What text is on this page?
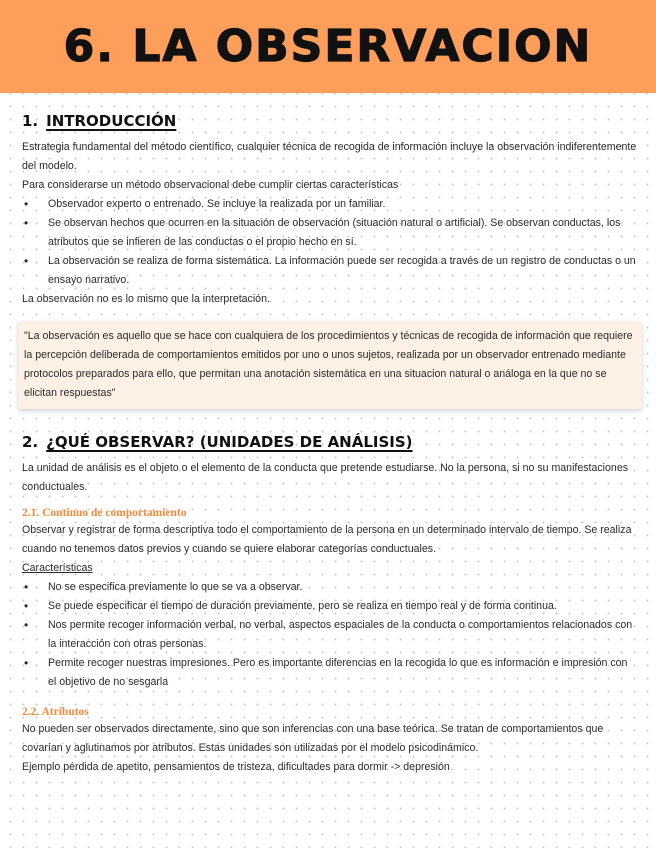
6. LA OBSERVACION
1. INTRODUCCIÓN

Estrategia fundamental del método científico, cualquier técnica de recogida de información incluye la observación indiferentemente del modelo.

Para considerarse un método observacional debe cumplir ciertas características

• Observador experto o entrenado. Se incluye la realizada por un familiar.
• Se observan hechos que ocurren en la situación de observación (situación natural o artificial). Se observan conductas, los atributos que se infieren de las conductas o el propio hecho en sí.
• La observación se realiza de forma sistemática. La información puede ser recogida a través de un registro de conductas o un ensayo narrativo.

La observación no es lo mismo que la interpretación.

"La observación es aquello que se hace con cualquiera de los procedimientos y técnicas de recogida de información que requiere la percepción deliberada de comportamientos emitidos por uno o unos sujetos, realizada por un observador entrenado mediante protocolos preparados para ello, que permitan una anotación sistemática en una situacion natural o análoga en la que no se elicitan respuestas"

2. ¿QUÉ OBSERVAR? (UNIDADES DE ANÁLISIS)

La unidad de análisis es el objeto o el elemento de la conducta que pretende estudiarse. No la persona, si no su manifestaciones conductuales.

2.1. Continuo de comportamiento

Observar y registrar de forma descriptiva todo el comportamiento de la persona en un determinado intervalo de tiempo. Se realiza cuando no tenemos datos previos y cuando se quiere elaborar categorías conductuales.

Características

• No se especifica previamente lo que se va a observar.
• Se puede especificar el tiempo de duración previamente, pero se realiza en tiempo real y de forma continua.
• Nos permite recoger información verbal, no verbal, aspectos espaciales de la conducta o comportamientos relacionados con la interacción con otras personas.
• Permite recoger nuestras impresiones. Pero es importante diferencias en la recogida lo que es información e impresión con el objetivo de no sesgarla
2.2. Atributos

No pueden ser observados directamente, sino que son inferencias con una base teórica. Se tratan de comportamientos que covarían y aglutinamos por atributos. Estas unidades son utilizadas por el modelo psicodinámico.

Ejemplo pérdida de apetito, pensamientos de tristeza, dificultades para dormir -> depresión
